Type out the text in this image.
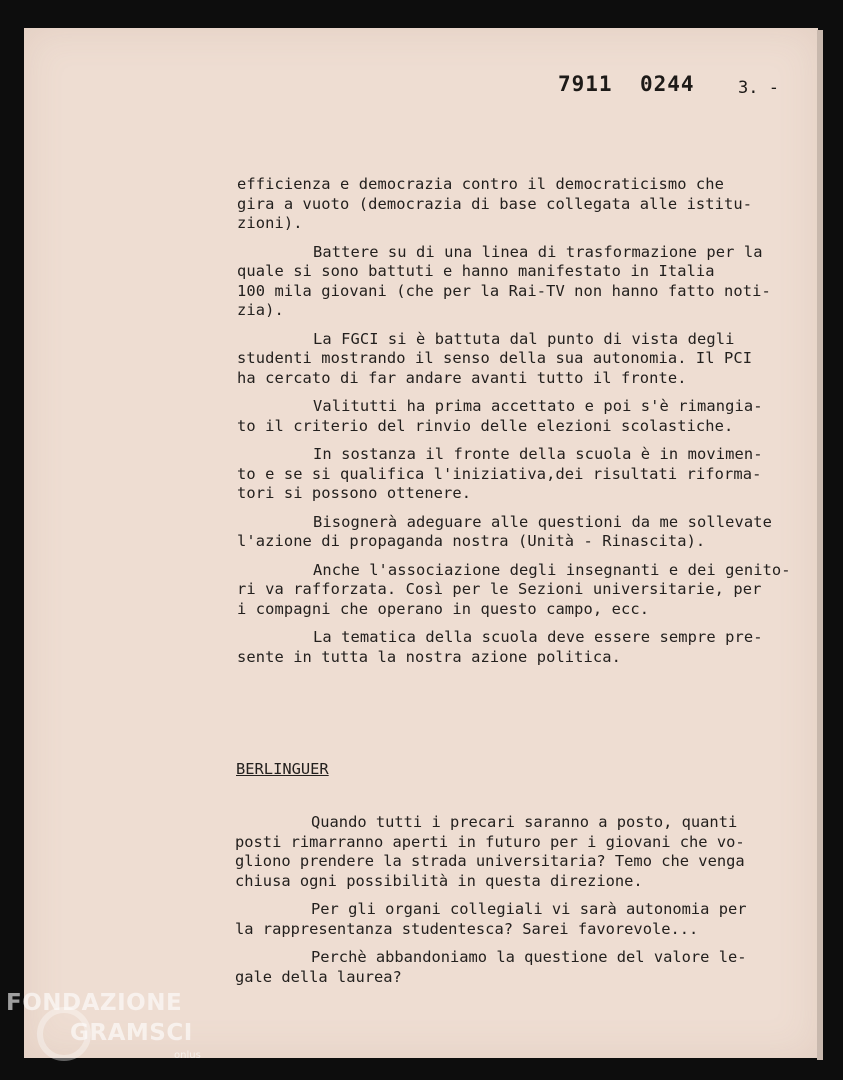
7911 0244	3. -

efficienza e democrazia contro il democraticismo che
gira a vuoto (democrazia di base collegata alle istitu-
zioni).

Battere su di una linea di trasformazione per la
quale si sono battuti e hanno manifestato in Italia
100 mila giovani (che per la Rai-TV non hanno fatto noti-
zia).

La FGCI si è battuta dal punto di vista degli
studenti mostrando il senso della sua autonomia. Il PCI
ha cercato di far andare avanti tutto il fronte.

Valitutti ha prima accettato e poi s'è rimangia-
to il criterio del rinvio delle elezioni scolastiche.

In sostanza il fronte della scuola è in movimen-
to e se si qualifica l'iniziativa,dei risultati riforma-
tori si possono ottenere.

Bisognerà adeguare alle questioni da me sollevate
l'azione di propaganda nostra (Unità - Rinascita).

Anche l'associazione degli insegnanti e dei genito-
ri va rafforzata. Così per le Sezioni universitarie, per
i compagni che operano in questo campo, ecc.

La tematica della scuola deve essere sempre pre-
sente in tutta la nostra azione politica.

BERLINGUER

Quando tutti i precari saranno a posto, quanti
posti rimarranno aperti in futuro per i giovani che vo-
gliono prendere la strada universitaria? Temo che venga
chiusa ogni possibilità in questa direzione.

Per gli organi collegiali vi sarà autonomia per
la rappresentanza studentesca? Sarei favorevole...

Perchè abbandoniamo la questione del valore le-
gale della laurea?

FONDAZIONE
GRAMSCI
onlus
